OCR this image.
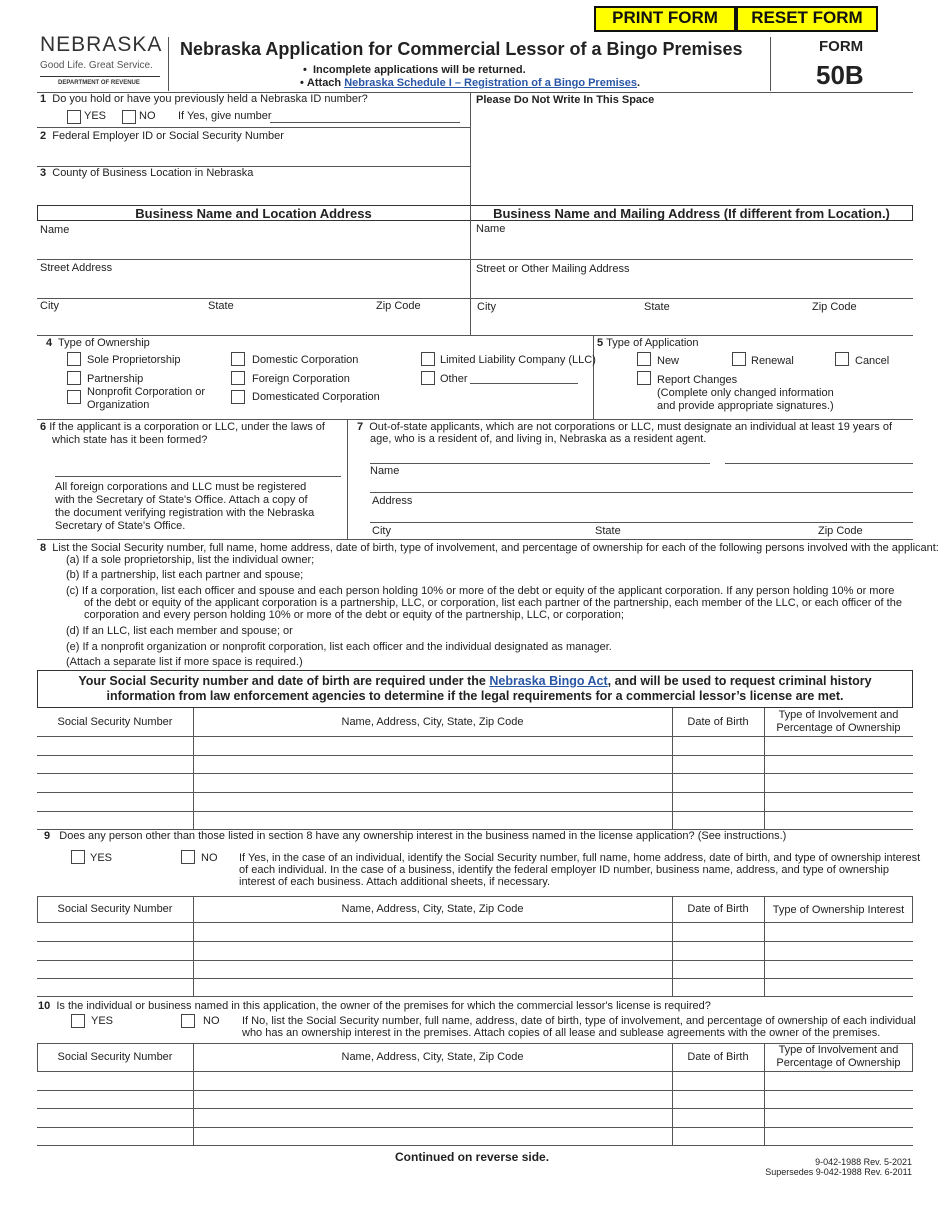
PRINT FORM	RESET FORM
NEBRASKA
Good Life. Great Service.
DEPARTMENT OF REVENUE
Nebraska Application for Commercial Lessor of a Bingo Premises
•  Incomplete applications will be returned.
• Attach Nebraska Schedule I – Registration of a Bingo Premises.
FORM
50B
1 Do you hold or have you previously held a Nebraska ID number?
YES	NO If Yes, give number
2 Federal Employer ID or Social Security Number
3 County of Business Location in Nebraska
Please Do Not Write In This Space
Business Name and Location Address	Business Name and Mailing Address (If different from Location.)
Name	Name
Street Address	Street or Other Mailing Address
City	State	Zip Code	City	State	Zip Code
4 Type of Ownership
Sole Proprietorship
Partnership
Nonprofit Corporation or
Organization
Domestic Corporation
Foreign Corporation
Domesticated Corporation
Limited Liability Company (LLC)
Other
5 Type of Application
New	Renewal	Cancel
Report Changes
(Complete only changed information
and provide appropriate signatures.)
6 If the applicant is a corporation or LLC, under the laws of
which state has it been formed?
All foreign corporations and LLC must be registered
with the Secretary of State's Office. Attach a copy of
the document verifying registration with the Nebraska
Secretary of State's Office.
7 Out-of-state applicants, which are not corporations or LLC, must designate an individual at least 19 years of
age, who is a resident of, and living in, Nebraska as a resident agent.
Name
Address
City	State	Zip Code
8 List the Social Security number, full name, home address, date of birth, type of involvement, and percentage of ownership for each of the following persons involved with the applicant:
(a) If a sole proprietorship, list the individual owner;
(b) If a partnership, list each partner and spouse;
(c) If a corporation, list each officer and spouse and each person holding 10% or more of the debt or equity of the applicant corporation. If any person holding 10% or more
of the debt or equity of the applicant corporation is a partnership, LLC, or corporation, list each partner of the partnership, each member of the LLC, or each officer of the
corporation and every person holding 10% or more of the debt or equity of the partnership, LLC, or corporation;
(d) If an LLC, list each member and spouse; or
(e) If a nonprofit organization or nonprofit corporation, list each officer and the individual designated as manager.
(Attach a separate list if more space is required.)
Your Social Security number and date of birth are required under the Nebraska Bingo Act, and will be used to request criminal history
information from law enforcement agencies to determine if the legal requirements for a commercial lessor’s license are met.
Social Security Number	Name, Address, City, State, Zip Code	Date of Birth
Type of Involvement and
Percentage of Ownership
9 Does any person other than those listed in section 8 have any ownership interest in the business named in the license application? (See instructions.)
YES	NO If Yes, in the case of an individual, identify the Social Security number, full name, home address, date of birth, and type of ownership interest
of each individual. In the case of a business, identify the federal employer ID number, business name, address, and type of ownership
interest of each business. Attach additional sheets, if necessary.
Social Security Number	Name, Address, City, State, Zip Code	Date of Birth	Type of Ownership Interest
10 Is the individual or business named in this application, the owner of the premises for which the commercial lessor's license is required?
YES	NO If No, list the Social Security number, full name, address, date of birth, type of involvement, and percentage of ownership of each individual
who has an ownership interest in the premises. Attach copies of all lease and sublease agreements with the owner of the premises.
Social Security Number	Name, Address, City, State, Zip Code	Date of Birth
Type of Involvement and
Percentage of Ownership
Continued on reverse side.	9-042-1988 Rev. 5-2021
Supersedes 9-042-1988 Rev. 6-2011
